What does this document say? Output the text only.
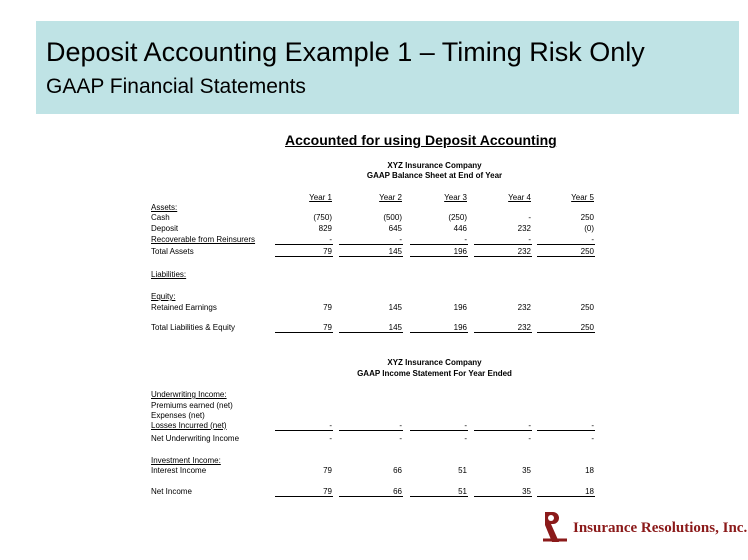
Deposit Accounting Example 1 – Timing Risk Only
GAAP Financial Statements
Accounted for using Deposit Accounting
XYZ Insurance Company
GAAP Balance Sheet at End of Year
Year 1	Year 2	Year 3	Year 4	Year 5
Assets:
Cash	(750)	(500)	(250)	-	250
Deposit	829	645	446	232	(0)
Recoverable from Reinsurers	-	-	-	-	-
Total Assets	79	145	196	232	250
Liabilities:
Equity:
Retained Earnings	79	145	196	232	250
Total Liabilities & Equity	79	145	196	232	250
XYZ Insurance Company
GAAP Income Statement For Year Ended
Underwriting Income:
Premiums earned (net)
Expenses (net)
Losses Incurred (net)	-	-	-	-	-
Net Underwriting Income	-	-	-	-	-
Investment Income:
Interest Income	79	66	51	35	18
Net Income	79	66	51	35	18
Insurance Resolutions, Inc.
